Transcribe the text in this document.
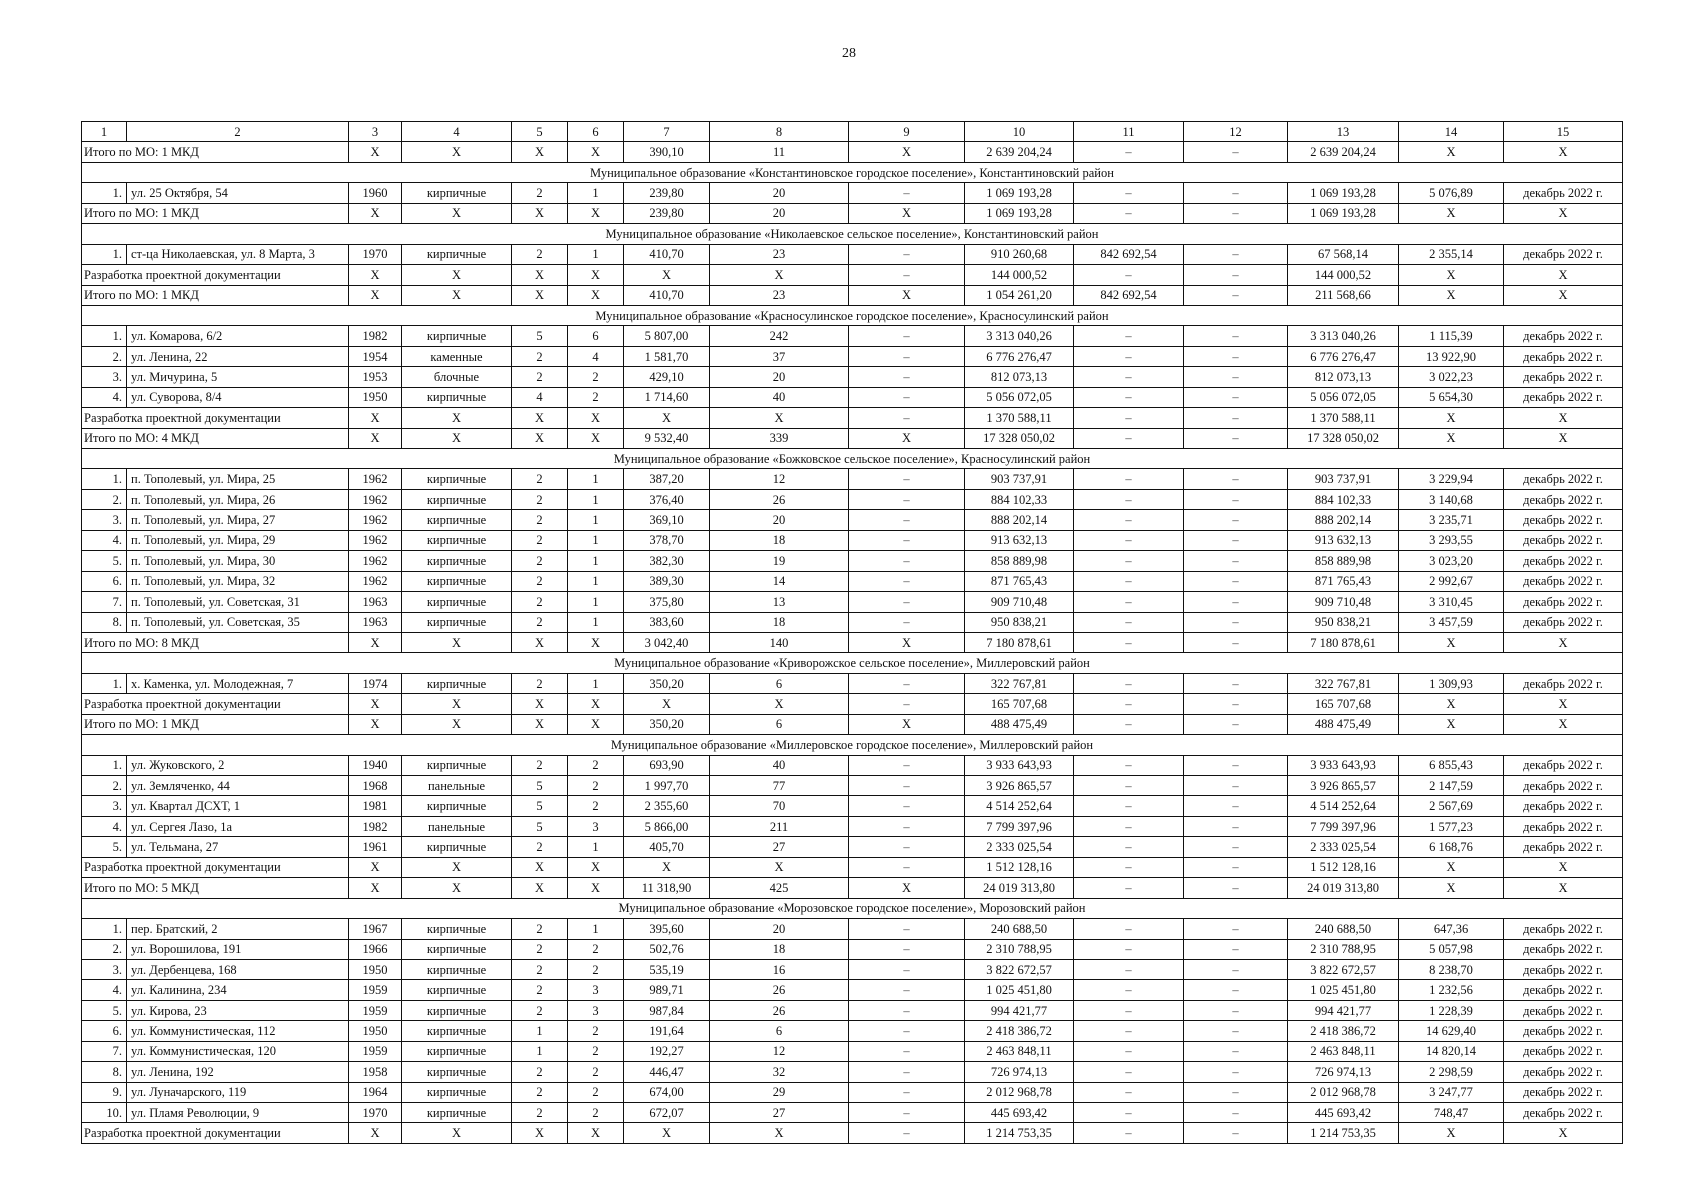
28
1	2	3	4	5	6	7	8	9	10	11	12	13	14	15
Итого по МО: 1 МКД		X	X	X	X	390,10	11	X	2 639 204,24	–	–	2 639 204,24	X	X
Муниципальное образование «Константиновское городское поселение», Константиновский район														
1.	ул. 25 Октября, 54	1960	кирпичные	2	1	239,80	20	–	1 069 193,28	–	–	1 069 193,28	5 076,89	декабрь 2022 г.
Итого по МО: 1 МКД		X	X	X	X	239,80	20	X	1 069 193,28	–	–	1 069 193,28	X	X
Муниципальное образование «Николаевское сельское поселение», Константиновский район														
1.	ст-ца Николаевская, ул. 8 Марта, 3	1970	кирпичные	2	1	410,70	23	–	910 260,68	842 692,54	–	67 568,14	2 355,14	декабрь 2022 г.
Разработка проектной документации		X	X	X	X	X	X	–	144 000,52	–	–	144 000,52	X	X
Итого по МО: 1 МКД		X	X	X	X	410,70	23	X	1 054 261,20	842 692,54	–	211 568,66	X	X
Муниципальное образование «Красносулинское городское поселение», Красносулинский район														
1.	ул. Комарова, 6/2	1982	кирпичные	5	6	5 807,00	242	–	3 313 040,26	–	–	3 313 040,26	1 115,39	декабрь 2022 г.
2.	ул. Ленина, 22	1954	каменные	2	4	1 581,70	37	–	6 776 276,47	–	–	6 776 276,47	13 922,90	декабрь 2022 г.
3.	ул. Мичурина, 5	1953	блочные	2	2	429,10	20	–	812 073,13	–	–	812 073,13	3 022,23	декабрь 2022 г.
4.	ул. Суворова, 8/4	1950	кирпичные	4	2	1 714,60	40	–	5 056 072,05	–	–	5 056 072,05	5 654,30	декабрь 2022 г.
Разработка проектной документации		X	X	X	X	X	X	–	1 370 588,11	–	–	1 370 588,11	X	X
Итого по МО: 4 МКД		X	X	X	X	9 532,40	339	X	17 328 050,02	–	–	17 328 050,02	X	X
Муниципальное образование «Божковское сельское поселение», Красносулинский район														
1.	п. Тополевый, ул. Мира, 25	1962	кирпичные	2	1	387,20	12	–	903 737,91	–	–	903 737,91	3 229,94	декабрь 2022 г.
2.	п. Тополевый, ул. Мира, 26	1962	кирпичные	2	1	376,40	26	–	884 102,33	–	–	884 102,33	3 140,68	декабрь 2022 г.
3.	п. Тополевый, ул. Мира, 27	1962	кирпичные	2	1	369,10	20	–	888 202,14	–	–	888 202,14	3 235,71	декабрь 2022 г.
4.	п. Тополевый, ул. Мира, 29	1962	кирпичные	2	1	378,70	18	–	913 632,13	–	–	913 632,13	3 293,55	декабрь 2022 г.
5.	п. Тополевый, ул. Мира, 30	1962	кирпичные	2	1	382,30	19	–	858 889,98	–	–	858 889,98	3 023,20	декабрь 2022 г.
6.	п. Тополевый, ул. Мира, 32	1962	кирпичные	2	1	389,30	14	–	871 765,43	–	–	871 765,43	2 992,67	декабрь 2022 г.
7.	п. Тополевый, ул. Советская, 31	1963	кирпичные	2	1	375,80	13	–	909 710,48	–	–	909 710,48	3 310,45	декабрь 2022 г.
8.	п. Тополевый, ул. Советская, 35	1963	кирпичные	2	1	383,60	18	–	950 838,21	–	–	950 838,21	3 457,59	декабрь 2022 г.
Итого по МО: 8 МКД		X	X	X	X	3 042,40	140	X	7 180 878,61	–	–	7 180 878,61	X	X
Муниципальное образование «Криворожское сельское поселение», Миллеровский район														
1.	х. Каменка, ул. Молодежная, 7	1974	кирпичные	2	1	350,20	6	–	322 767,81	–	–	322 767,81	1 309,93	декабрь 2022 г.
Разработка проектной документации		X	X	X	X	X	X	–	165 707,68	–	–	165 707,68	X	X
Итого по МО: 1 МКД		X	X	X	X	350,20	6	X	488 475,49	–	–	488 475,49	X	X
Муниципальное образование «Миллеровское городское поселение», Миллеровский район														
1.	ул. Жуковского, 2	1940	кирпичные	2	2	693,90	40	–	3 933 643,93	–	–	3 933 643,93	6 855,43	декабрь 2022 г.
2.	ул. Земляченко, 44	1968	панельные	5	2	1 997,70	77	–	3 926 865,57	–	–	3 926 865,57	2 147,59	декабрь 2022 г.
3.	ул. Квартал ДСХТ, 1	1981	кирпичные	5	2	2 355,60	70	–	4 514 252,64	–	–	4 514 252,64	2 567,69	декабрь 2022 г.
4.	ул. Сергея Лазо, 1а	1982	панельные	5	3	5 866,00	211	–	7 799 397,96	–	–	7 799 397,96	1 577,23	декабрь 2022 г.
5.	ул. Тельмана, 27	1961	кирпичные	2	1	405,70	27	–	2 333 025,54	–	–	2 333 025,54	6 168,76	декабрь 2022 г.
Разработка проектной документации		X	X	X	X	X	X	–	1 512 128,16	–	–	1 512 128,16	X	X
Итого по МО: 5 МКД		X	X	X	X	11 318,90	425	X	24 019 313,80	–	–	24 019 313,80	X	X
Муниципальное образование «Морозовское городское поселение», Морозовский район														
1.	пер. Братский, 2	1967	кирпичные	2	1	395,60	20	–	240 688,50	–	–	240 688,50	647,36	декабрь 2022 г.
2.	ул. Ворошилова, 191	1966	кирпичные	2	2	502,76	18	–	2 310 788,95	–	–	2 310 788,95	5 057,98	декабрь 2022 г.
3.	ул. Дербенцева, 168	1950	кирпичные	2	2	535,19	16	–	3 822 672,57	–	–	3 822 672,57	8 238,70	декабрь 2022 г.
4.	ул. Калинина, 234	1959	кирпичные	2	3	989,71	26	–	1 025 451,80	–	–	1 025 451,80	1 232,56	декабрь 2022 г.
5.	ул. Кирова, 23	1959	кирпичные	2	3	987,84	26	–	994 421,77	–	–	994 421,77	1 228,39	декабрь 2022 г.
6.	ул. Коммунистическая, 112	1950	кирпичные	1	2	191,64	6	–	2 418 386,72	–	–	2 418 386,72	14 629,40	декабрь 2022 г.
7.	ул. Коммунистическая, 120	1959	кирпичные	1	2	192,27	12	–	2 463 848,11	–	–	2 463 848,11	14 820,14	декабрь 2022 г.
8.	ул. Ленина, 192	1958	кирпичные	2	2	446,47	32	–	726 974,13	–	–	726 974,13	2 298,59	декабрь 2022 г.
9.	ул. Луначарского, 119	1964	кирпичные	2	2	674,00	29	–	2 012 968,78	–	–	2 012 968,78	3 247,77	декабрь 2022 г.
10.	ул. Пламя Революции, 9	1970	кирпичные	2	2	672,07	27	–	445 693,42	–	–	445 693,42	748,47	декабрь 2022 г.
Разработка проектной документации		X	X	X	X	X	X	–	1 214 753,35	–	–	1 214 753,35	X	X
